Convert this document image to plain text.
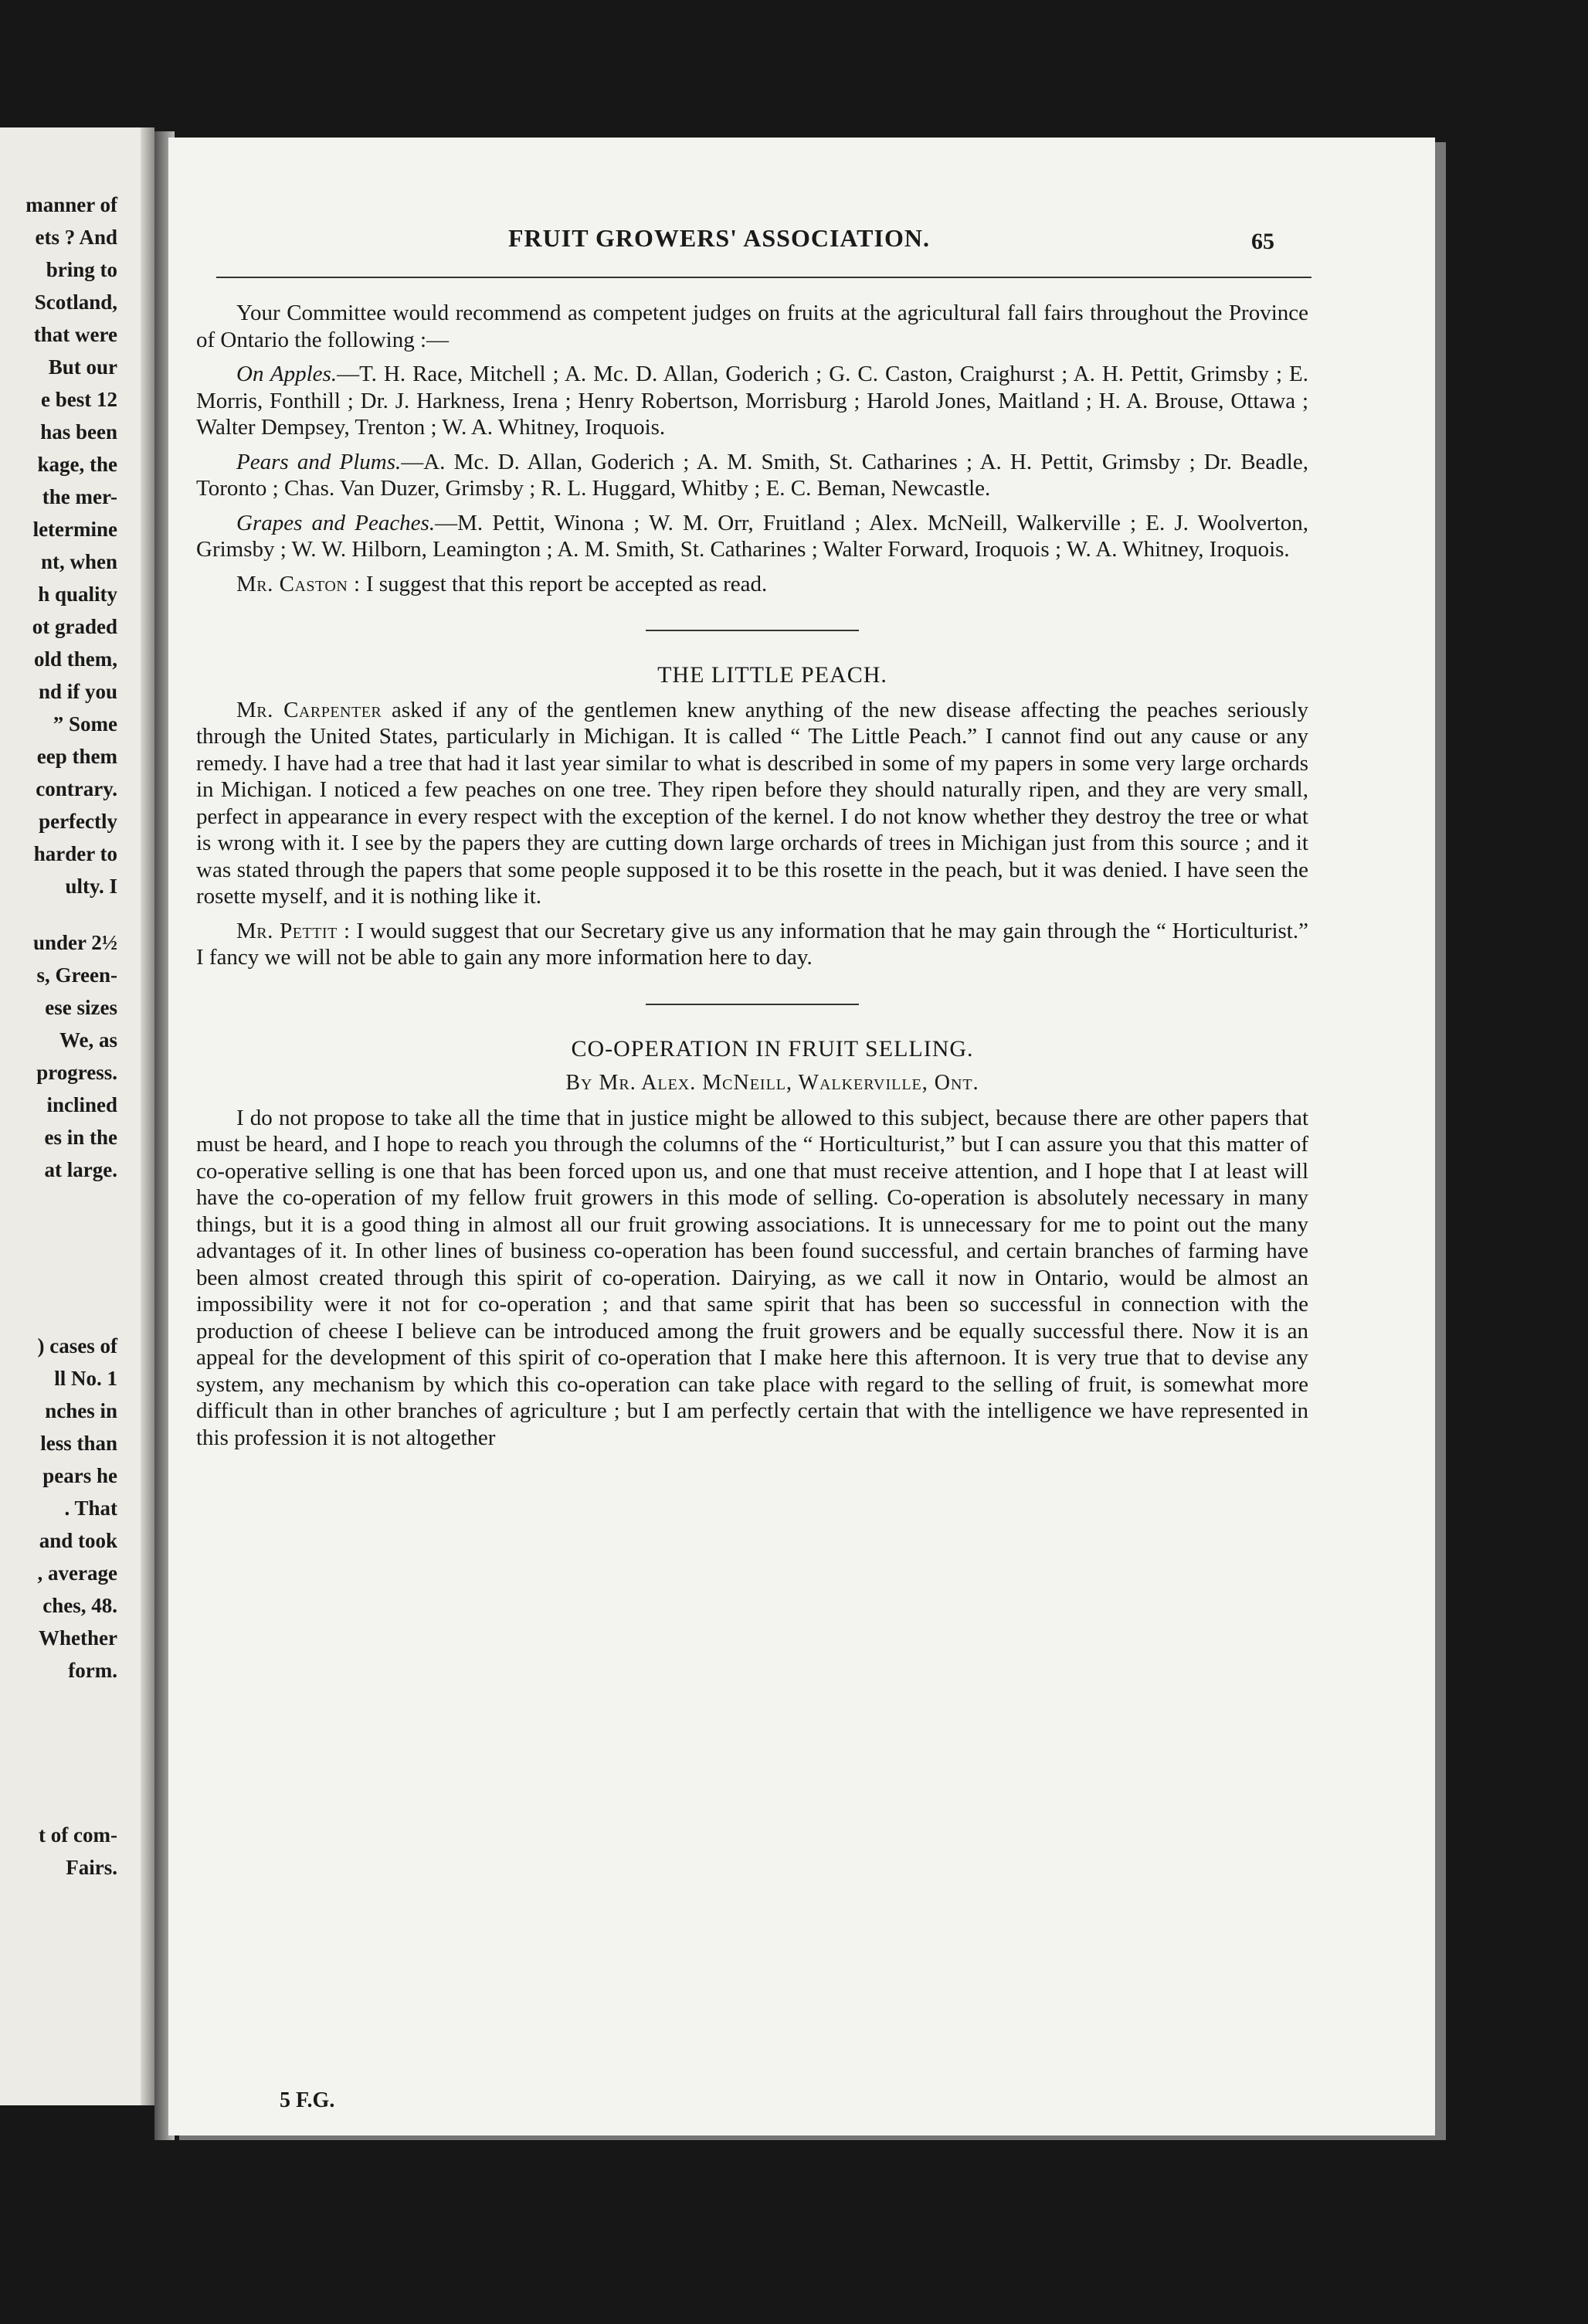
manner of
ets ? And
bring to
Scotland,
that were
But our
e best 12
has been
kage, the
the mer-
letermine
nt, when
h quality
ot graded
old them,
nd if you
” Some
eep them
contrary.
perfectly
harder to
ulty. I
under 2½
s, Green-
ese sizes
We, as
progress.
inclined
es in the
at large.
) cases of
ll No. 1
nches in
less than
pears he
. That
and took
, average
ches, 48.
Whether
form.
t of com-
Fairs.
FRUIT GROWERS' ASSOCIATION.	65

Your Committee would recommend as competent judges on fruits at the agricultural fall fairs throughout the Province of Ontario the following :—

On Apples.—T. H. Race, Mitchell ; A. Mc. D. Allan, Goderich ; G. C. Caston, Craighurst ; A. H. Pettit, Grimsby ; E. Morris, Fonthill ; Dr. J. Harkness, Irena ; Henry Robertson, Morrisburg ; Harold Jones, Maitland ; H. A. Brouse, Ottawa ; Walter Dempsey, Trenton ; W. A. Whitney, Iroquois.

Pears and Plums.—A. Mc. D. Allan, Goderich ; A. M. Smith, St. Catharines ; A. H. Pettit, Grimsby ; Dr. Beadle, Toronto ; Chas. Van Duzer, Grimsby ; R. L. Huggard, Whitby ; E. C. Beman, Newcastle.

Grapes and Peaches.—M. Pettit, Winona ; W. M. Orr, Fruitland ; Alex. McNeill, Walkerville ; E. J. Woolverton, Grimsby ; W. W. Hilborn, Leamington ; A. M. Smith, St. Catharines ; Walter Forward, Iroquois ; W. A. Whitney, Iroquois.

Mr. Caston : I suggest that this report be accepted as read.

THE LITTLE PEACH.

Mr. Carpenter asked if any of the gentlemen knew anything of the new disease affecting the peaches seriously through the United States, particularly in Michigan. It is called “ The Little Peach.” I cannot find out any cause or any remedy. I have had a tree that had it last year similar to what is described in some of my papers in some very large orchards in Michigan. I noticed a few peaches on one tree. They ripen before they should naturally ripen, and they are very small, perfect in appearance in every respect with the exception of the kernel. I do not know whether they destroy the tree or what is wrong with it. I see by the papers they are cutting down large orchards of trees in Michigan just from this source ; and it was stated through the papers that some people supposed it to be this rosette in the peach, but it was denied. I have seen the rosette myself, and it is nothing like it.

Mr. Pettit : I would suggest that our Secretary give us any information that he may gain through the “ Horticulturist.” I fancy we will not be able to gain any more information here to day.

CO-OPERATION IN FRUIT SELLING.

By Mr. Alex. McNeill, Walkerville, Ont.

I do not propose to take all the time that in justice might be allowed to this subject, because there are other papers that must be heard, and I hope to reach you through the columns of the “ Horticulturist,” but I can assure you that this matter of co-operative selling is one that has been forced upon us, and one that must receive attention, and I hope that I at least will have the co-operation of my fellow fruit growers in this mode of selling. Co-operation is absolutely necessary in many things, but it is a good thing in almost all our fruit growing associations. It is unnecessary for me to point out the many advantages of it. In other lines of business co-operation has been found successful, and certain branches of farming have been almost created through this spirit of co-operation. Dairying, as we call it now in Ontario, would be almost an impossibility were it not for co-operation ; and that same spirit that has been so successful in connection with the production of cheese I believe can be introduced among the fruit growers and be equally successful there. Now it is an appeal for the development of this spirit of co-operation that I make here this afternoon. It is very true that to devise any system, any mechanism by which this co-operation can take place with regard to the selling of fruit, is somewhat more difficult than in other branches of agriculture ; but I am perfectly certain that with the intelligence we have represented in this profession it is not altogether

5 F.G.
